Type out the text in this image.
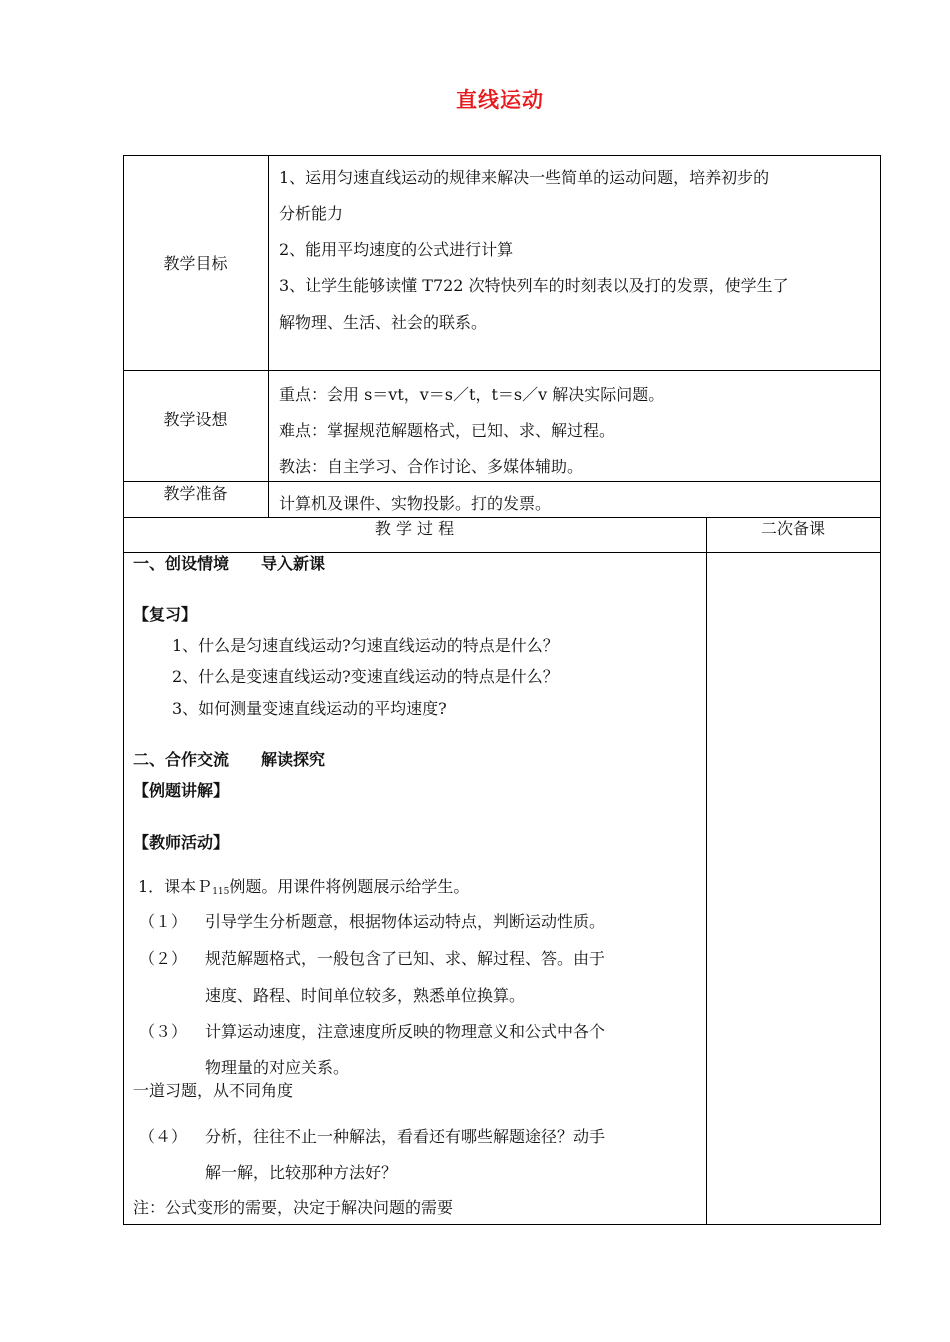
直线运动
教学目标
1、运用匀速直线运动的规律来解决一些简单的运动问题，培养初步的
分析能力
2、能用平均速度的公式进行计算
3、让学生能够读懂 T722 次特快列车的时刻表以及打的发票，使学生了
解物理、生活、社会的联系。
教学设想
重点：会用 s＝vt，v＝s／t，t＝s／v 解决实际问题。
难点：掌握规范解题格式，已知、求、解过程。
教法：自主学习、合作讨论、多媒体辅助。
教学准备
计算机及课件、实物投影。打的发票。
教 学 过 程	二次备课
一、创设情境　　导入新课
【复习】
1、什么是匀速直线运动?匀速直线运动的特点是什么？
2、什么是变速直线运动?变速直线运动的特点是什么？
3、如何测量变速直线运动的平均速度?
二、合作交流　　解读探究
【例题讲解】
【教师活动】
1．课本Ｐ$_{115}$例题。用课件将例题展示给学生。
（１） 引导学生分析题意，根据物体运动特点，判断运动性质。
（２） 规范解题格式，一般包含了已知、求、解过程、答。由于
速度、路程、时间单位较多，熟悉单位换算。
（３） 计算运动速度，注意速度所反映的物理意义和公式中各个
物理量的对应关系。
一道习题，从不同角度
（４） 分析，往往不止一种解法，看看还有哪些解题途径？动手
解一解，比较那种方法好？
注：公式变形的需要，决定于解决问题的需要
